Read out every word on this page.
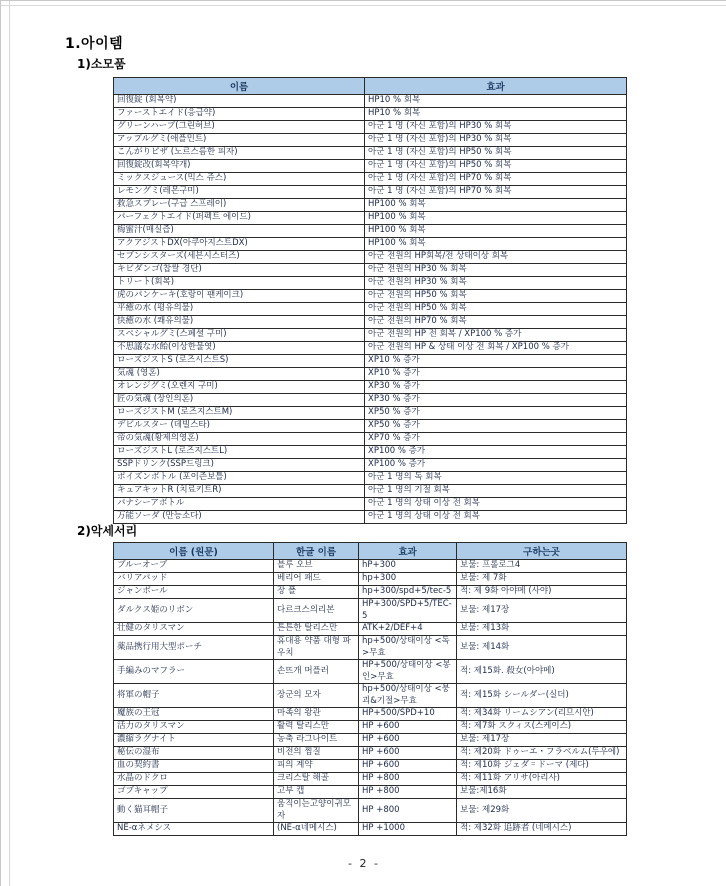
1.아이템
1)소모품
이름	효과
回復錠 (회복약)	HP10 % 회복
ファーストエイド(응급약)	HP10 % 회복
グリーンハーブ(그린허브)	아군 1 명 (자신 포함)의 HP30 % 회복
アップルグミ(애플민트)	아군 1 명 (자신 포함)의 HP30 % 회복
こんがりピザ (노르스름한 피자)	아군 1 명 (자신 포함)의 HP50 % 회복
回復錠改(회복약개)	아군 1 명 (자신 포함)의 HP50 % 회복
ミックスジュース(믹스 쥬스)	아군 1 명 (자신 포함)의 HP70 % 회복
レモングミ(레몬구미)	아군 1 명 (자신 포함)의 HP70 % 회복
救急スプレー(구급 스프레이)	HP100 % 회복
パーフェクトエイド(퍼펙트 에이드)	HP100 % 회복
梅蜜汁(매실즙)	HP100 % 회복
アクアジストDX(아쿠아지스트DX)	HP100 % 회복
セブンシスターズ(세븐시스터즈)	아군 전원의 HP회복/전 상태이상 회복
キビダンゴ(찹쌀 경단)	아군 전원의 HP30 % 회복
トリート(회복)	아군 전원의 HP30 % 회복
虎のパンケーキ(호랑이 팬케이크)	아군 전원의 HP50 % 회복
平癒の水 (평유의물)	아군 전원의 HP50 % 회복
快癒の水 (쾌유의물)	아군 전원의 HP70 % 회복
スペシャルグミ(스페셜 구미)	아군 전원의 HP 전 회복 / XP100 % 증가
不思議な水飴(이상한물엿)	아군 전원의 HP & 상태 이상 전 회복 / XP100 % 증가
ローズジストS (로즈시스트S)	XP10 % 증가
気魂 (영혼)	XP10 % 증가
オレンジグミ(오렌지 구미)	XP30 % 증가
匠の気魂 (장인의혼)	XP30 % 증가
ローズジストM (로즈지스트M)	XP50 % 증가
デビルスター (데빌스타)	XP50 % 증가
帝の気魂(황제의영혼)	XP70 % 증가
ローズジストL (로즈지스트L)	XP100 % 증가
SSPドリンク(SSP드링크)	XP100 % 증가
ポイズンボトル (포이즌보틀)	아군 1 명의 독 회복
キュアキットR (치료키트R)	아군 1 명의 기절 회복
パナシーアボトル	아군 1 명의 상태 이상 전 회복
万能ソーダ (만능소다)	아군 1 명의 상태 이상 전 회복
2)악세서리
이름 (원문)	한글 이름	효과	구하는곳
ブルーオーブ	블루 오브	hP+300	보물: 프롤로그4
バリアパッド	베리어 패드	hp+300	보물: 제 7화
ジャンボール	장 폴	hp+300/spd+5/tec-5	적: 제 9화 아야메 (사야)
ダルクス姫のリボン	다르크스의리본	HP+300/SPD+5/TEC-5	보물: 제17장
壮健のタリスマン	튼튼한 탈리스만	ATK+2/DEF+4	보물: 제13화
薬品携行用大型ポーチ	휴대용 약품 대형 파우치	hp+500/상태이상 <독>무효	보물: 제14화
手編みのマフラー	손뜨개 머플러	HP+500/상태이상 <봉인>무효	적: 제15화. 殺女(아야메)
将軍の帽子	장군의 모자	hp+500/상태이상 <붕괴&기절>무효	적: 제15화 シールダー(실더)
魔族の王冠	마족의 왕관	HP+500/SPD+10	적: 제34화 リームシアン(리므시안)
活力のタリスマン	활력 탈리스만	HP +600	적: 제7화 スクィス(스케이스)
濃縮ラグナイト	농축 라그나이트	HP +600	보물: 제17장
秘伝の湿布	비전의 찜질	HP +600	적: 제20화 ドゥーエ・フラベルム(두우에)
血の契約書	피의 계약	HP +600	적: 제10화 ジェダ゠ドーマ (제다)
水晶のドクロ	크리스탈 해골	HP +800	적: 제11화 アリサ(아리사)
ゴブキャップ	고부 캡	HP +800	보물:제16화
動く猫耳帽子	움직이는고양이귀모자	HP +800	보물: 제29화
NE-αネメシス	(NE-α네메시스)	HP +1000	적: 제32화 追跡者 (네메시스)
- 2 -
